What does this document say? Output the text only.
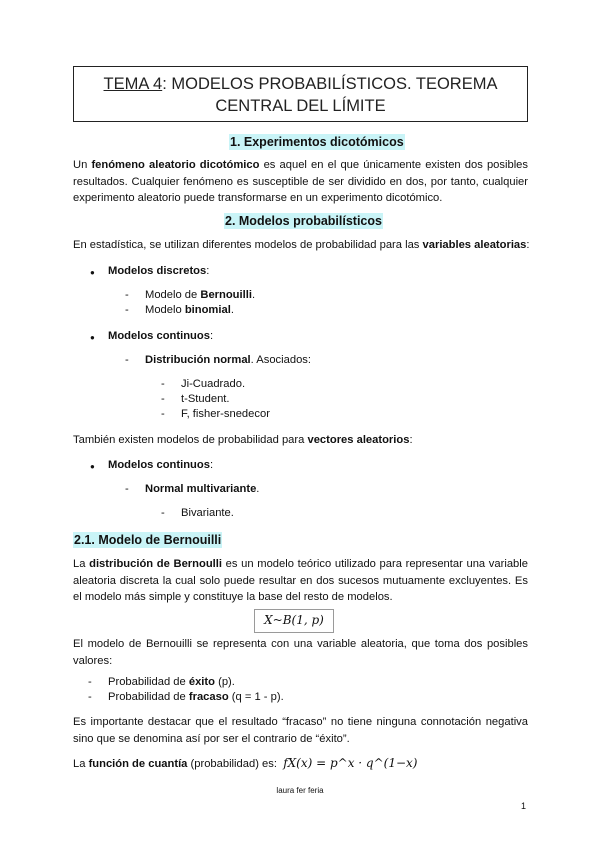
TEMA 4: MODELOS PROBABILÍSTICOS. TEOREMA
CENTRAL DEL LÍMITE
1. Experimentos dicotómicos
Un fenómeno aleatorio dicotómico es aquel en el que únicamente existen dos posibles resultados. Cualquier fenómeno es susceptible de ser dividido en dos, por tanto, cualquier experimento aleatorio puede transformarse en un experimento dicotómico.
2. Modelos probabilísticos
En estadística, se utilizan diferentes modelos de probabilidad para las variables aleatorias:
● Modelos discretos:
- Modelo de Bernouilli.
- Modelo binomial.
● Modelos continuos:
- Distribución normal. Asociados:
- Ji-Cuadrado.
- t-Student.
- F, fisher-snedecor
También existen modelos de probabilidad para vectores aleatorios:
● Modelos continuos:
- Normal multivariante.
- Bivariante.
2.1. Modelo de Bernouilli
La distribución de Bernoulli es un modelo teórico utilizado para representar una variable aleatoria discreta la cual solo puede resultar en dos sucesos mutuamente excluyentes. Es el modelo más simple y constituye la base del resto de modelos.
X~B(1, p)
El modelo de Bernouilli se representa con una variable aleatoria, que toma dos posibles valores:
- Probabilidad de éxito (p).
- Probabilidad de fracaso (q = 1 - p).
Es importante destacar que el resultado “fracaso” no tiene ninguna connotación negativa sino que se denomina así por ser el contrario de “éxito”.
La función de cuantía (probabilidad) es: fX(x) = p^x · q^(1−x)
laura fer feria
1
